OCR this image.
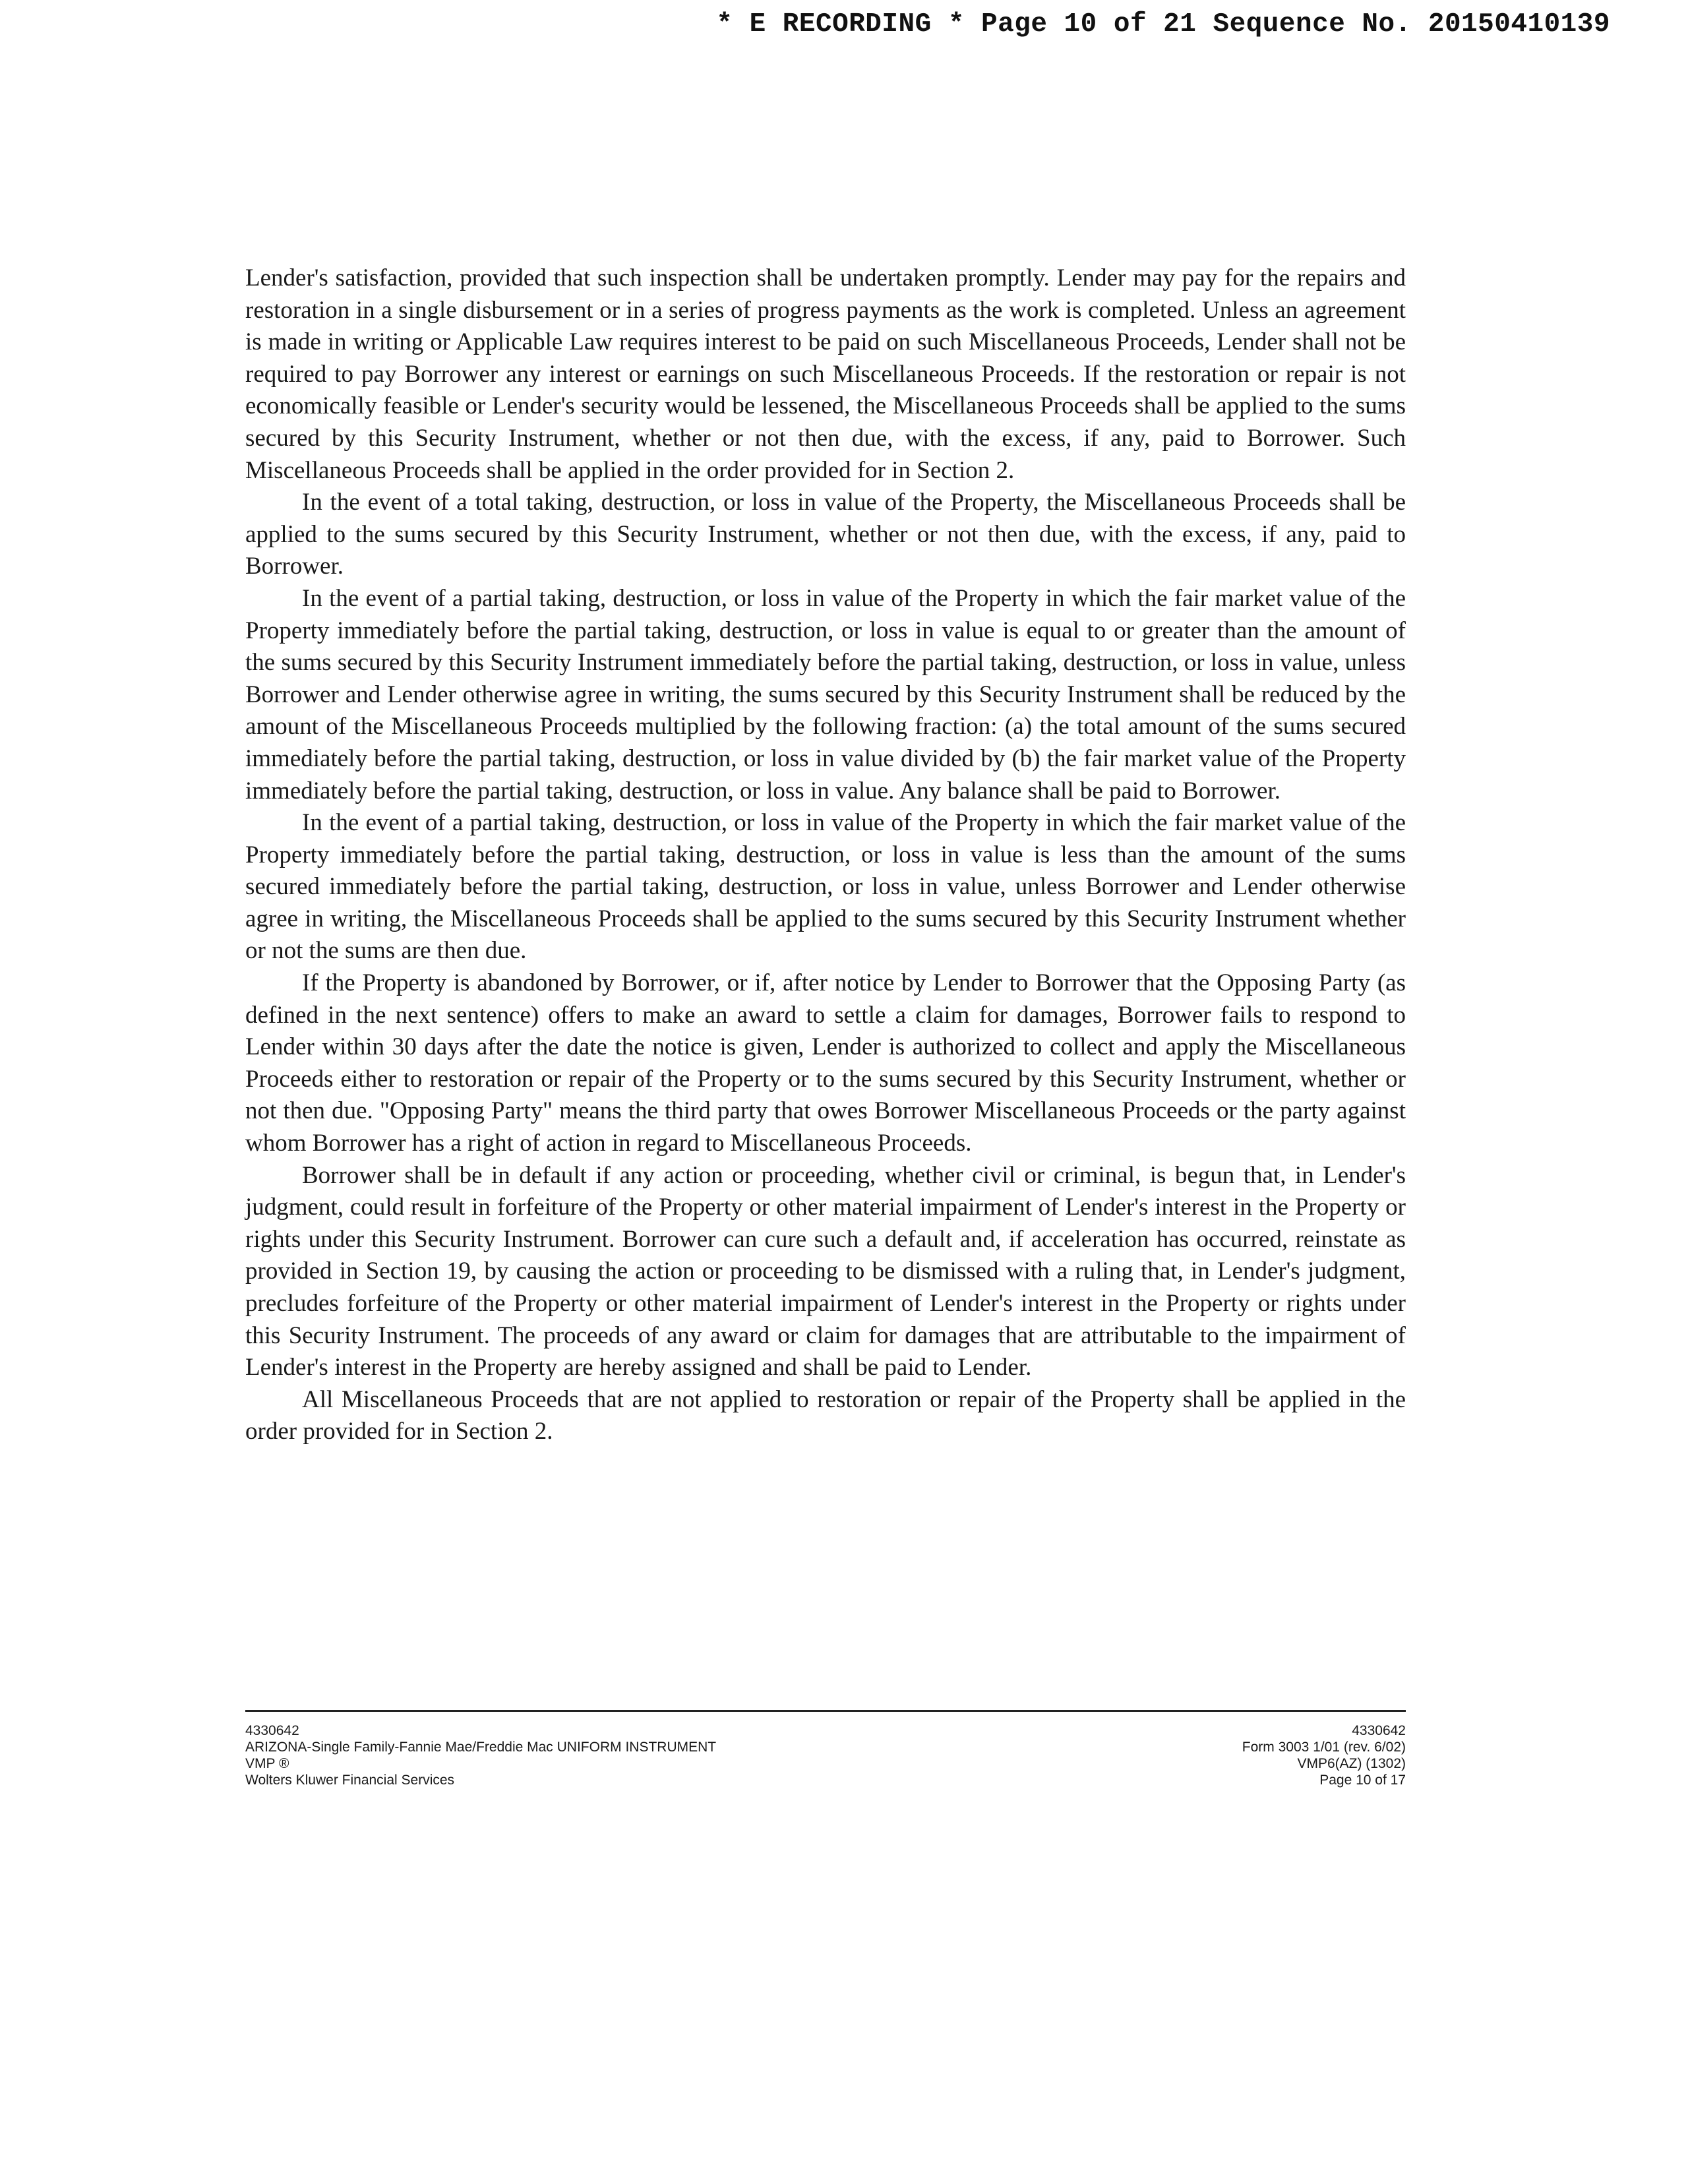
* E RECORDING * Page 10 of 21 Sequence No. 20150410139

Lender's satisfaction, provided that such inspection shall be undertaken promptly. Lender may pay for the repairs and restoration in a single disbursement or in a series of progress payments as the work is completed. Unless an agreement is made in writing or Applicable Law requires interest to be paid on such Miscellaneous Proceeds, Lender shall not be required to pay Borrower any interest or earnings on such Miscellaneous Proceeds. If the restoration or repair is not economically feasible or Lender's security would be lessened, the Miscellaneous Proceeds shall be applied to the sums secured by this Security Instrument, whether or not then due, with the excess, if any, paid to Borrower. Such Miscellaneous Proceeds shall be applied in the order provided for in Section 2.

In the event of a total taking, destruction, or loss in value of the Property, the Miscellaneous Proceeds shall be applied to the sums secured by this Security Instrument, whether or not then due, with the excess, if any, paid to Borrower.

In the event of a partial taking, destruction, or loss in value of the Property in which the fair market value of the Property immediately before the partial taking, destruction, or loss in value is equal to or greater than the amount of the sums secured by this Security Instrument immediately before the partial taking, destruction, or loss in value, unless Borrower and Lender otherwise agree in writing, the sums secured by this Security Instrument shall be reduced by the amount of the Miscellaneous Proceeds multiplied by the following fraction: (a) the total amount of the sums secured immediately before the partial taking, destruction, or loss in value divided by (b) the fair market value of the Property immediately before the partial taking, destruction, or loss in value. Any balance shall be paid to Borrower.

In the event of a partial taking, destruction, or loss in value of the Property in which the fair market value of the Property immediately before the partial taking, destruction, or loss in value is less than the amount of the sums secured immediately before the partial taking, destruction, or loss in value, unless Borrower and Lender otherwise agree in writing, the Miscellaneous Proceeds shall be applied to the sums secured by this Security Instrument whether or not the sums are then due.

If the Property is abandoned by Borrower, or if, after notice by Lender to Borrower that the Opposing Party (as defined in the next sentence) offers to make an award to settle a claim for damages, Borrower fails to respond to Lender within 30 days after the date the notice is given, Lender is authorized to collect and apply the Miscellaneous Proceeds either to restoration or repair of the Property or to the sums secured by this Security Instrument, whether or not then due. "Opposing Party" means the third party that owes Borrower Miscellaneous Proceeds or the party against whom Borrower has a right of action in regard to Miscellaneous Proceeds.

Borrower shall be in default if any action or proceeding, whether civil or criminal, is begun that, in Lender's judgment, could result in forfeiture of the Property or other material impairment of Lender's interest in the Property or rights under this Security Instrument. Borrower can cure such a default and, if acceleration has occurred, reinstate as provided in Section 19, by causing the action or proceeding to be dismissed with a ruling that, in Lender's judgment, precludes forfeiture of the Property or other material impairment of Lender's interest in the Property or rights under this Security Instrument. The proceeds of any award or claim for damages that are attributable to the impairment of Lender's interest in the Property are hereby assigned and shall be paid to Lender.

All Miscellaneous Proceeds that are not applied to restoration or repair of the Property shall be applied in the order provided for in Section 2.

4330642
ARIZONA-Single Family-Fannie Mae/Freddie Mac UNIFORM INSTRUMENT
VMP ®
Wolters Kluwer Financial Services
4330642
Form 3003 1/01 (rev. 6/02)
VMP6(AZ) (1302)
Page 10 of 17
